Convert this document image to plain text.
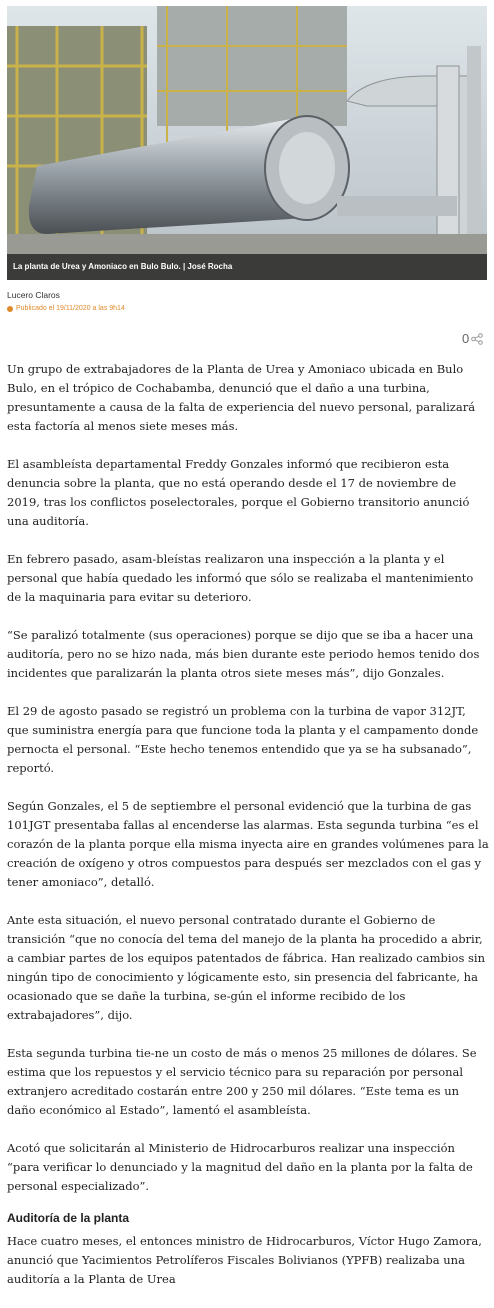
La planta de Urea y Amoniaco en Bulo Bulo. | José Rocha
Lucero Claros
Publicado el 19/11/2020 a las 9h14
0

Un grupo de extrabajadores de la Planta de Urea y Amoniaco ubicada en Bulo Bulo, en el trópico de Cochabamba, denunció que el daño a una turbina, presuntamente a causa de la falta de experiencia del nuevo personal, paralizará esta factoría al menos siete meses más.

El asambleísta departamental Freddy Gonzales informó que recibieron esta denuncia sobre la planta, que no está operando desde el 17 de noviembre de 2019, tras los conflictos poselectorales, porque el Gobierno transitorio anunció una auditoría.

En febrero pasado, asam-bleístas realizaron una inspección a la planta y el personal que había quedado les informó que sólo se realizaba el mantenimiento de la maquinaria para evitar su deterioro.

“Se paralizó totalmente (sus operaciones) porque se dijo que se iba a hacer una auditoría, pero no se hizo nada, más bien durante este periodo hemos tenido dos incidentes que paralizarán la planta otros siete meses más”, dijo Gonzales.

El 29 de agosto pasado se registró un problema con la turbina de vapor 312JT, que suministra energía para que funcione toda la planta y el campamento donde pernocta el personal. “Este hecho tenemos entendido que ya se ha subsanado”, reportó.

Según Gonzales, el 5 de septiembre el personal evidenció que la turbina de gas 101JGT presentaba fallas al encenderse las alarmas. Esta segunda turbina “es el corazón de la planta porque ella misma inyecta aire en grandes volúmenes para la creación de oxígeno y otros compuestos para después ser mezclados con el gas y tener amoniaco”, detalló.

Ante esta situación, el nuevo personal contratado durante el Gobierno de transición “que no conocía del tema del manejo de la planta ha procedido a abrir, a cambiar partes de los equipos patentados de fábrica. Han realizado cambios sin ningún tipo de conocimiento y lógicamente esto, sin presencia del fabricante, ha ocasionado que se dañe la turbina, se-gún el informe recibido de los extrabajadores”, dijo.

Esta segunda turbina tie-ne un costo de más o menos 25 millones de dólares. Se estima que los repuestos y el servicio técnico para su reparación por personal extranjero acreditado costarán entre 200 y 250 mil dólares. “Este tema es un daño económico al Estado”, lamentó el asambleísta.

Acotó que solicitarán al Ministerio de Hidrocarburos realizar una inspección “para verificar lo denunciado y la magnitud del daño en la planta por la falta de personal especializado”.

Auditoría de la planta

Hace cuatro meses, el entonces ministro de Hidrocarburos, Víctor Hugo Zamora, anunció que Yacimientos Petrolíferos Fiscales Bolivianos (YPFB) realizaba una auditoría a la Planta de Urea
